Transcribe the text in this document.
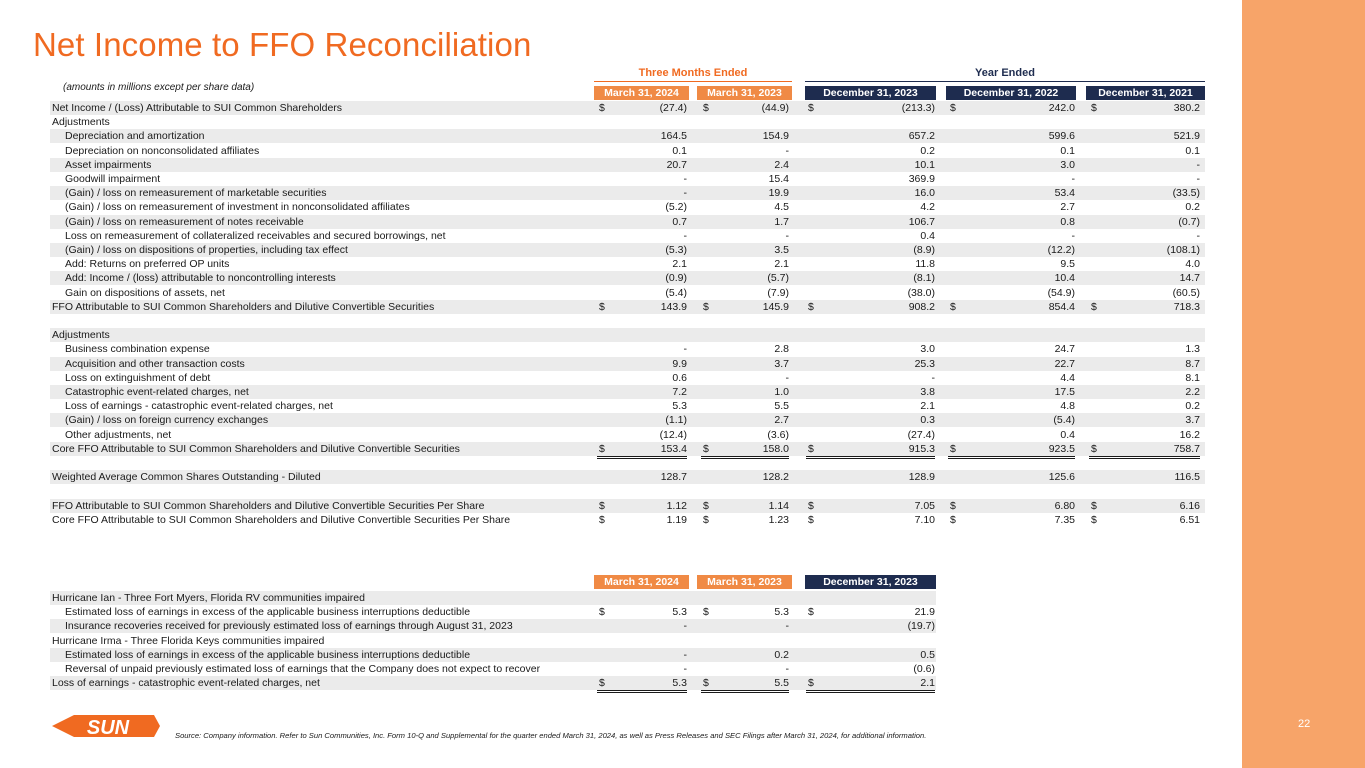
22
Net Income to FFO Reconciliation
(amounts in millions except per share data)
Three Months Ended	Year Ended
March 31, 2024	March 31, 2023	December 31, 2023	December 31, 2022	December 31, 2021
Net Income / (Loss) Attributable to SUI Common Shareholders	$	(27.4) $	(44.9) $	(213.3) $	242.0 $	380.2
Adjustments
Depreciation and amortization	164.5	154.9	657.2	599.6	521.9
Depreciation on nonconsolidated affiliates	0.1	-	0.2	0.1	0.1
Asset impairments	20.7	2.4	10.1	3.0	-
Goodwill impairment	-	15.4	369.9	-	-
(Gain) / loss on remeasurement of marketable securities	-	19.9	16.0	53.4	(33.5)
(Gain) / loss on remeasurement of investment in nonconsolidated affiliates	(5.2)	4.5	4.2	2.7	0.2
(Gain) / loss on remeasurement of notes receivable	0.7	1.7	106.7	0.8	(0.7)
Loss on remeasurement of collateralized receivables and secured borrowings, net	-	-	0.4	-	-
(Gain) / loss on dispositions of properties, including tax effect	(5.3)	3.5	(8.9)	(12.2)	(108.1)
Add: Returns on preferred OP units	2.1	2.1	11.8	9.5	4.0
Add: Income / (loss) attributable to noncontrolling interests	(0.9)	(5.7)	(8.1)	10.4	14.7
Gain on dispositions of assets, net	(5.4)	(7.9)	(38.0)	(54.9)	(60.5)
FFO Attributable to SUI Common Shareholders and Dilutive Convertible Securities	$	143.9 $	145.9 $	908.2 $	854.4 $	718.3
Adjustments
Business combination expense	-	2.8	3.0	24.7	1.3
Acquisition and other transaction costs	9.9	3.7	25.3	22.7	8.7
Loss on extinguishment of debt	0.6	-	-	4.4	8.1
Catastrophic event-related charges, net	7.2	1.0	3.8	17.5	2.2
Loss of earnings - catastrophic event-related charges, net	5.3	5.5	2.1	4.8	0.2
(Gain) / loss on foreign currency exchanges	(1.1)	2.7	0.3	(5.4)	3.7
Other adjustments, net	(12.4)	(3.6)	(27.4)	0.4	16.2
Core FFO Attributable to SUI Common Shareholders and Dilutive Convertible Securities	$	153.4 $	158.0 $	915.3 $	923.5 $	758.7
Weighted Average Common Shares Outstanding - Diluted	128.7	128.2	128.9	125.6	116.5
FFO Attributable to SUI Common Shareholders and Dilutive Convertible Securities Per Share	$	1.12 $	1.14 $	7.05 $	6.80 $	6.16
Core FFO Attributable to SUI Common Shareholders and Dilutive Convertible Securities Per Share	$	1.19 $	1.23 $	7.10 $	7.35 $	6.51
March 31, 2024	March 31, 2023	December 31, 2023
Hurricane Ian - Three Fort Myers, Florida RV communities impaired
Estimated loss of earnings in excess of the applicable business interruptions deductible	$	5.3 $	5.3 $	21.9
Insurance recoveries received for previously estimated loss of earnings through August 31, 2023	-	-	(19.7)
Hurricane Irma - Three Florida Keys communities impaired
Estimated loss of earnings in excess of the applicable business interruptions deductible	-	0.2	0.5
Reversal of unpaid previously estimated loss of earnings that the Company does not expect to recover	-	-	(0.6)
Loss of earnings - catastrophic event-related charges, net	$	5.3 $	5.5 $	2.1
SUN	Source: Company information. Refer to Sun Communities, Inc. Form 10-Q and Supplemental for the quarter ended March 31, 2024, as well as Press Releases and SEC Filings after March 31, 2024, for additional information.
